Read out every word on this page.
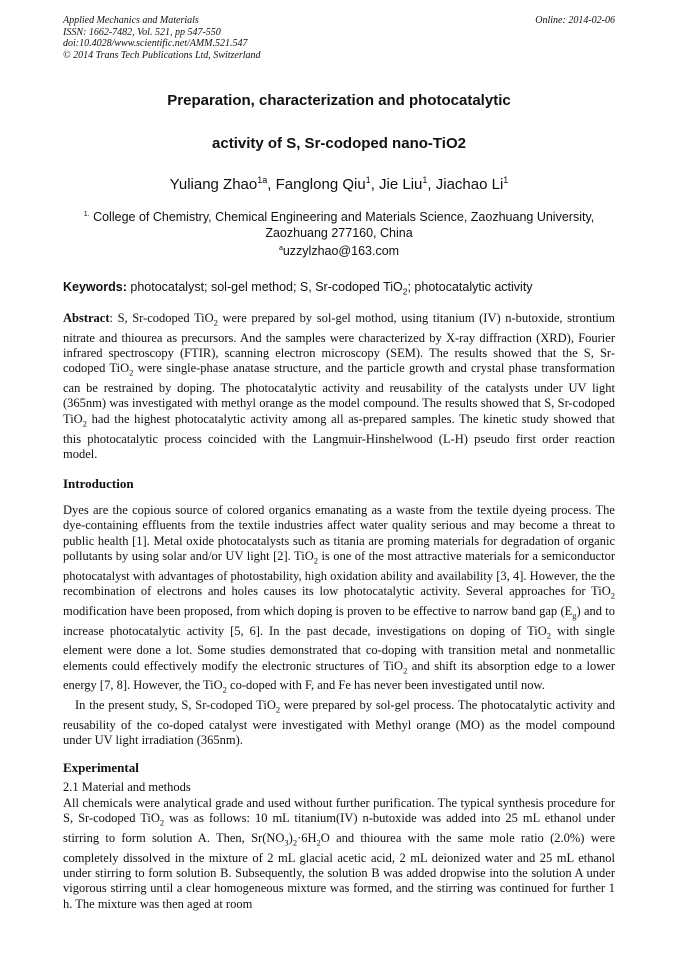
Applied Mechanics and Materials
ISSN: 1662-7482, Vol. 521, pp 547-550
doi:10.4028/www.scientific.net/AMM.521.547
© 2014 Trans Tech Publications Ltd, Switzerland
Online: 2014-02-06
Preparation, characterization and photocatalytic
activity of S, Sr-codoped nano-TiO2
Yuliang Zhao$^{1a}$, Fanglong Qiu$^1$, Jie Liu$^1$, Jiachao Li$^1$
$^{1.}$ College of Chemistry, Chemical Engineering and Materials Science, Zaozhuang University, Zaozhuang 277160, China
$^a$uzzylzhao@163.com
Keywords: photocatalyst; sol-gel method; S, Sr-codoped TiO$_2$; photocatalytic activity

Abstract: S, Sr-codoped TiO$_2$ were prepared by sol-gel mothod, using titanium (IV) n-butoxide, strontium nitrate and thiourea as precursors. And the samples were characterized by X-ray diffraction (XRD), Fourier infrared spectroscopy (FTIR), scanning electron microscopy (SEM). The results showed that the S, Sr-codoped TiO$_2$ were single-phase anatase structure, and the particle growth and crystal phase transformation can be restrained by doping. The photocatalytic activity and reusability of the catalysts under UV light (365nm) was investigated with methyl orange as the model compound. The results showed that S, Sr-codoped TiO$_2$ had the highest photocatalytic activity among all as-prepared samples. The kinetic study showed that this photocatalytic process coincided with the Langmuir-Hinshelwood (L-H) pseudo first order reaction model.

Introduction

Dyes are the copious source of colored organics emanating as a waste from the textile dyeing process. The dye-containing effluents from the textile industries affect water quality serious and may become a threat to public health [1]. Metal oxide photocatalysts such as titania are proming materials for degradation of organic pollutants by using solar and/or UV light [2]. TiO$_2$ is one of the most attractive materials for a semiconductor photocatalyst with advantages of photostability, high oxidation ability and availability [3, 4]. However, the the recombination of electrons and holes causes its low photocatalytic activity. Several approaches for TiO$_2$ modification have been proposed, from which doping is proven to be effective to narrow band gap $(E_g)$ and to increase photocatalytic activity [5, 6]. In the past decade, investigations on doping of TiO$_2$ with single element were done a lot. Some studies demonstrated that co-doping with transition metal and nonmetallic elements could effectively modify the electronic structures of TiO$_2$ and shift its absorption edge to a lower energy [7, 8]. However, the TiO$_2$ co-doped with F, and Fe has never been investigated until now.

In the present study, S, Sr-codoped TiO$_2$ were prepared by sol-gel process. The photocatalytic activity and reusability of the co-doped catalyst were investigated with Methyl orange (MO) as the model compound under UV light irradiation (365nm).

Experimental
2.1 Material and methods

All chemicals were analytical grade and used without further purification. The typical synthesis procedure for S, Sr-codoped TiO$_2$ was as follows: 10 mL titanium(IV) n-butoxide was added into 25 mL ethanol under stirring to form solution A. Then, $Sr(NO_3)_2\cdot 6H_2O$ and thiourea with the same mole ratio (2.0%) were completely dissolved in the mixture of 2 mL glacial acetic acid, 2 mL deionized water and 25 mL ethanol under stirring to form solution B. Subsequently, the solution B was added dropwise into the solution A under vigorous stirring until a clear homogeneous mixture was formed, and the stirring was continued for further 1 h. The mixture was then aged at room
